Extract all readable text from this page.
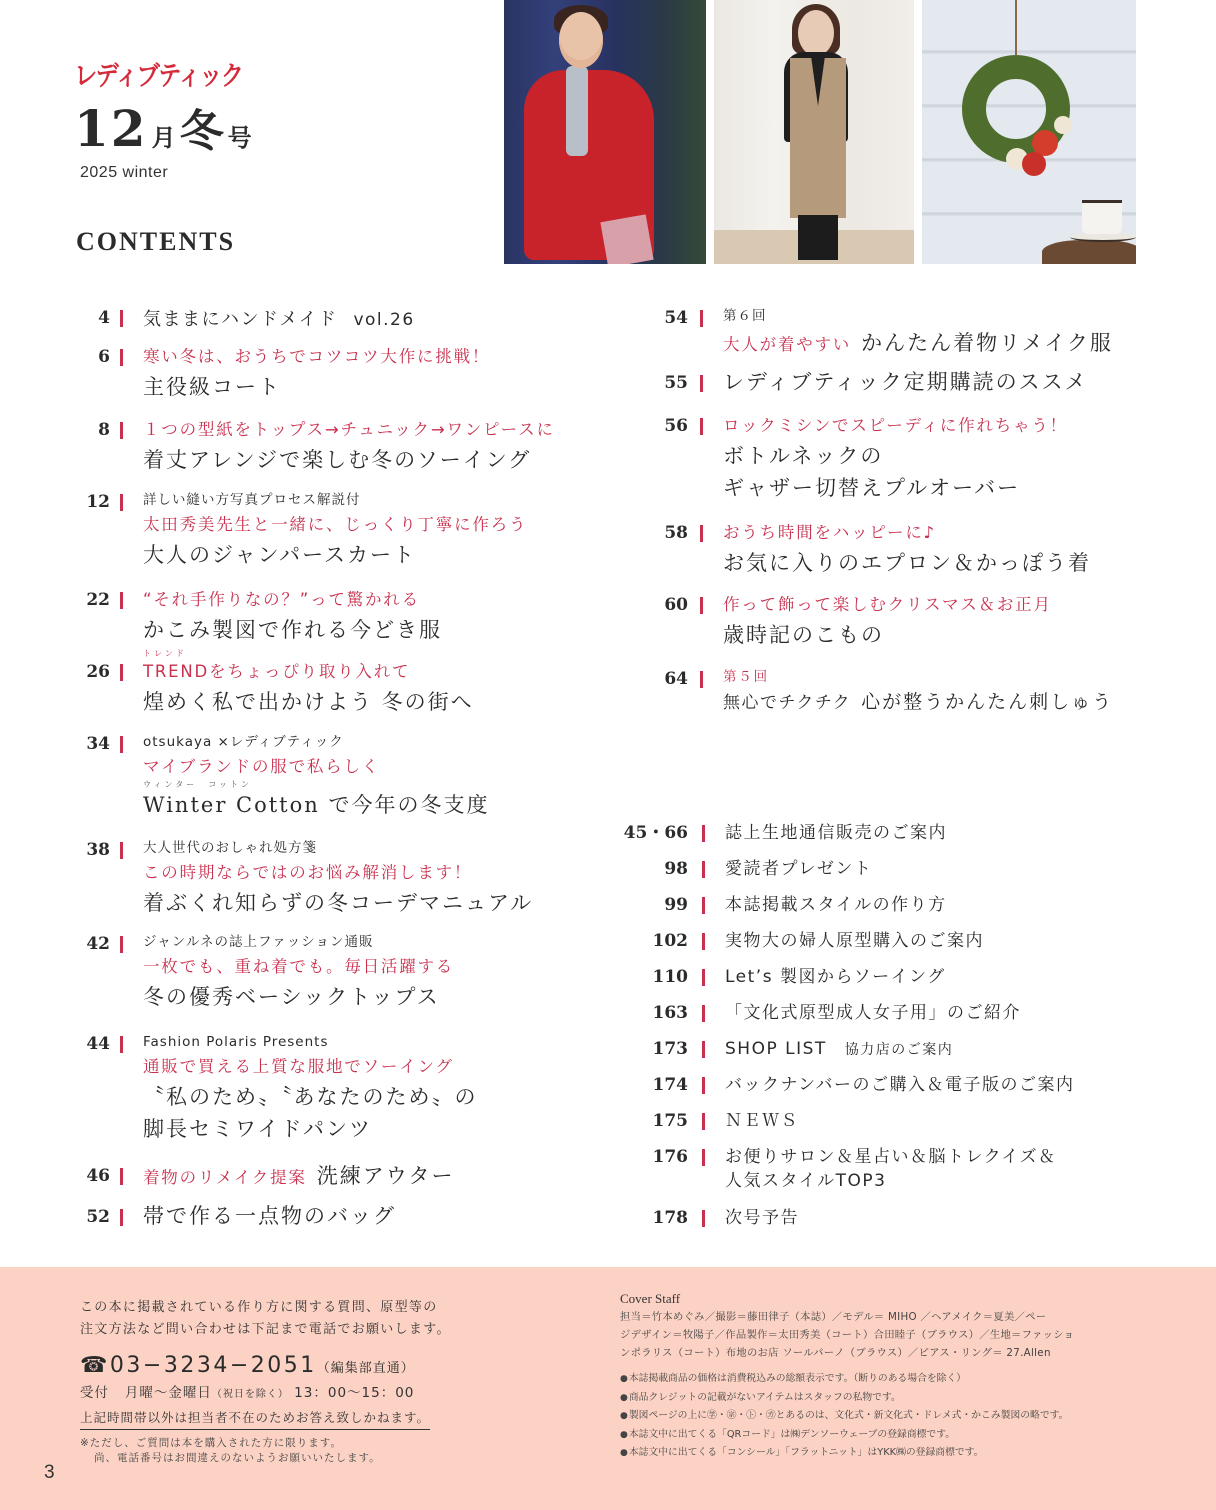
レディブティック
12 月冬 号
2025 winter
CONTENTS
4 気ままにハンドメイド vol.26
6 寒い冬は、おうちでコツコツ大作に挑戦！
主役級コート
8 １つの型紙をトップス→チュニック→ワンピースに
着丈アレンジで楽しむ冬のソーイング
12 詳しい縫い方写真プロセス解説付
太田秀美先生と一緒に、じっくり丁寧に作ろう
大人のジャンパースカート
22 “それ手作りなの？”って驚かれる
かこみ製図で作れる今どき服
26
トレンド
TRENDをちょっぴり取り入れて
煌めく私で出かけよう 冬の街へ
34 otsukaya ×レディブティック
マイブランドの服で私らしく
ウィンター　コットン
Winter Cotton で今年の冬支度
38 大人世代のおしゃれ処方箋
この時期ならではのお悩み解消します！
着ぶくれ知らずの冬コーデマニュアル
42 ジャンルネの誌上ファッション通販
一枚でも、重ね着でも。毎日活躍する
冬の優秀ベーシックトップス
44 Fashion Polaris Presents
通販で買える上質な服地でソーイング
〝私のため〟〝あなたのため〟の
脚長セミワイドパンツ
46 着物のリメイク提案 洗練アウター
52 帯で作る一点物のバッグ
54	第６回
大人が着やすい かんたん着物リメイク服
55 レディブティック定期購読のススメ
56 ロックミシンでスピーディに作れちゃう！
ボトルネックの
ギャザー切替えプルオーバー
58 おうち時間をハッピーに♪
お気に入りのエプロン＆かっぽう着
60 作って飾って楽しむクリスマス＆お正月
歳時記のこもの
64	第５回
無心でチクチク 心が整うかんたん刺しゅう
45・66 誌上生地通信販売のご案内
98 愛読者プレゼント
99 本誌掲載スタイルの作り方
102 実物大の婦人原型購入のご案内
110 Let’s 製図からソーイング
163 「文化式原型成人女子用」のご紹介
173 SHOP LIST 協力店のご案内
174 バックナンバーのご購入＆電子版のご案内
175 ＮＥＷＳ
176 お便りサロン＆星占い＆脳トレクイズ＆
人気スタイルTOP3
178 次号予告
この本に掲載されている作り方に関する質問、原型等の
注文方法など問い合わせは下記まで電話でお願いします。
☎03−3234−2051（編集部直通）
受付 月曜～金曜日（祝日を除く） 13：00～15：00
上記時間帯以外は担当者不在のためお答え致しかねます。
※ただし、ご質問は本を購入された方に限ります。
尚、電話番号はお間違えのないようお願いいたします。
Cover Staff
担当＝竹本めぐみ／撮影＝藤田律子（本誌）／モデル＝ MIHO ／ヘアメイク＝夏美／ペー
ジデザイン＝牧陽子／作品製作＝太田秀美（コート）合田睦子（ブラウス）／生地＝ファッショ
ンポラリス（コート）布地のお店 ソールパーノ（ブラウス）／ピアス・リング＝ 27.Allen
● 本誌掲載商品の価格は消費税込みの総額表示です。（断りのある場合を除く）
● 商品クレジットの記載がないアイテムはスタッフの私物です。
● 製図ページの上に㊫・㊪・㋣・㋕とあるのは、文化式・新文化式・ドレメ式・かこみ製図の略です。
● 本誌文中に出てくる「QRコード」は㈱デンソーウェーブの登録商標です。
● 本誌文中に出てくる「コンシール」「フラットニット」はYKK㈱の登録商標です。
3
